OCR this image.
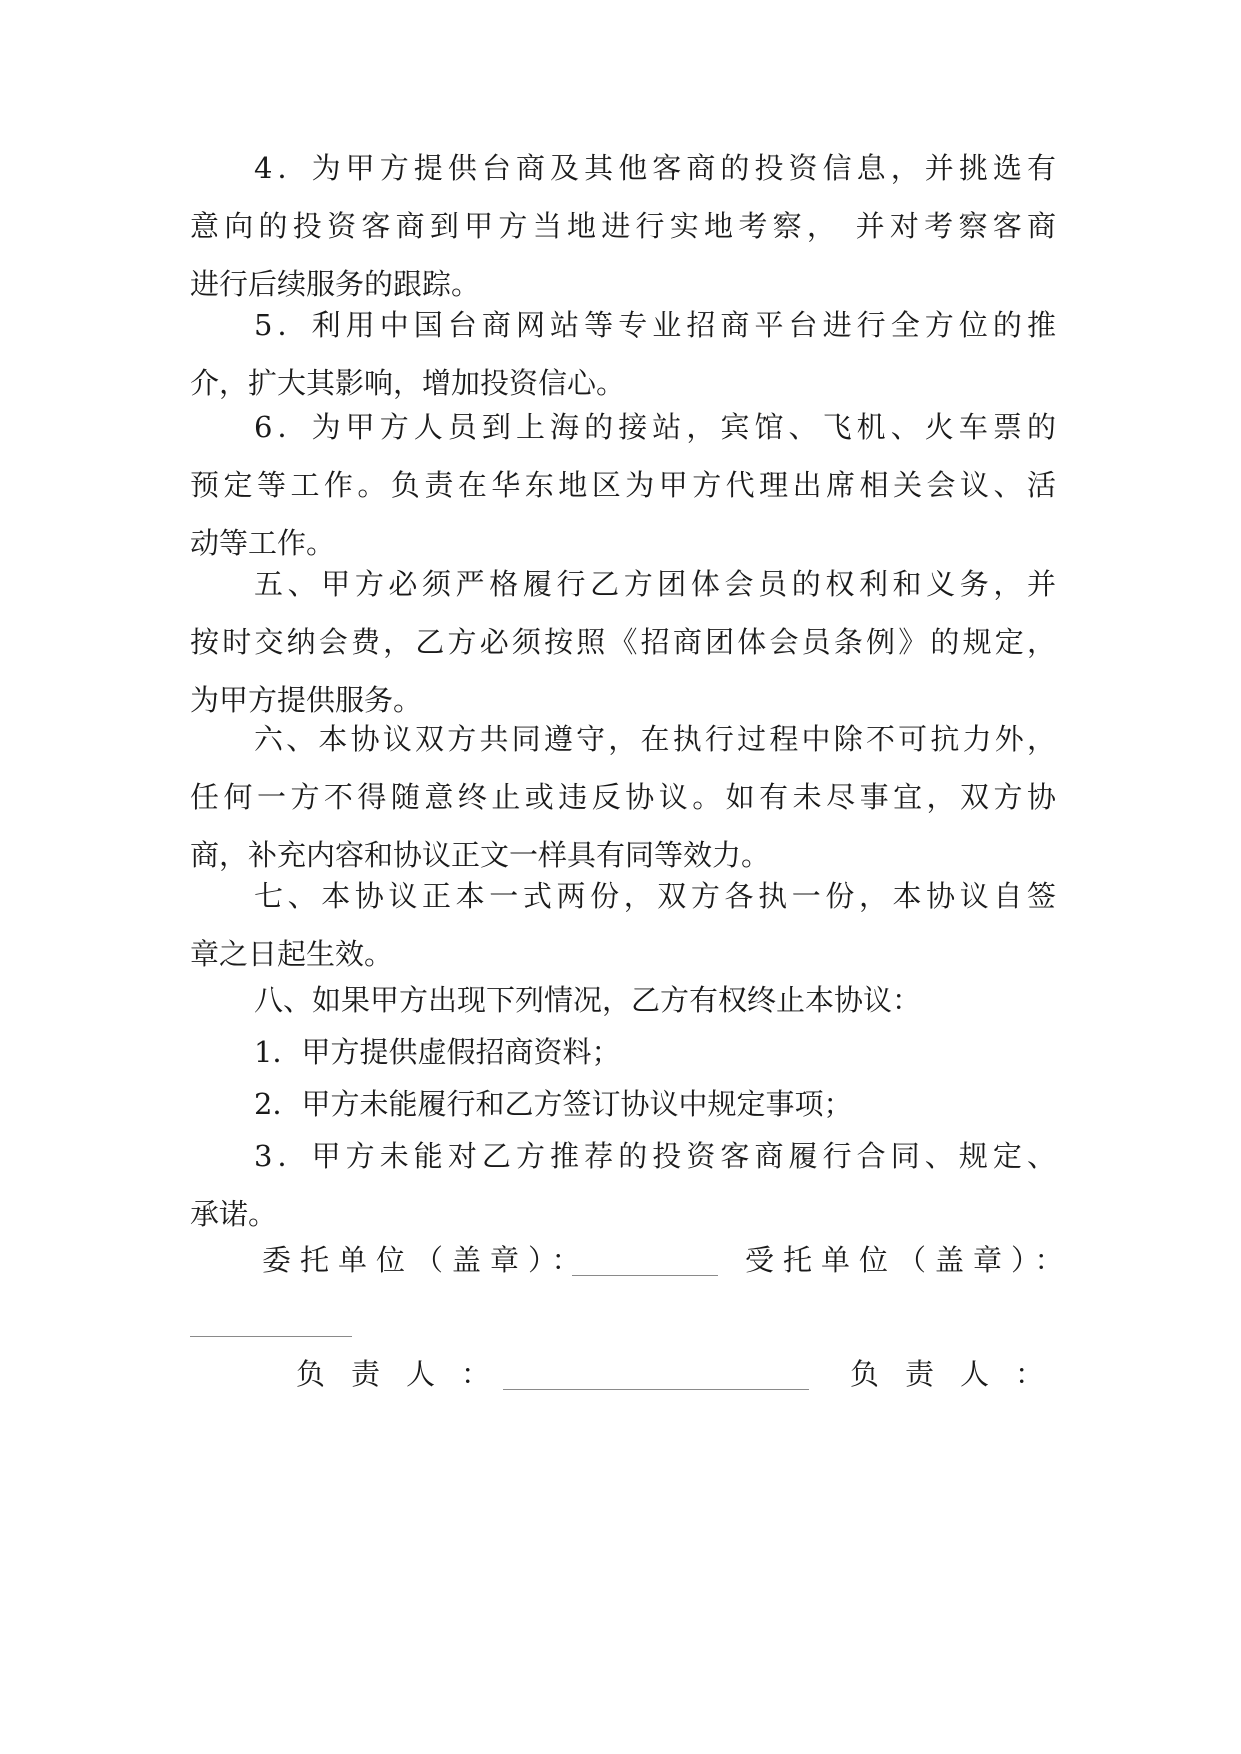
4．为甲方提供台商及其他客商的投资信息，并挑选有
意向的投资客商到甲方当地进行实地考察， 并对考察客商
进行后续服务的跟踪。
5．利用中国台商网站等专业招商平台进行全方位的推
介，扩大其影响，增加投资信心。
6．为甲方人员到上海的接站，宾馆、飞机、火车票的
预定等工作。负责在华东地区为甲方代理出席相关会议、活
动等工作。
五、甲方必须严格履行乙方团体会员的权利和义务，并
按时交纳会费，乙方必须按照《招商团体会员条例》的规定，
为甲方提供服务。
六、本协议双方共同遵守，在执行过程中除不可抗力外，
任何一方不得随意终止或违反协议。如有未尽事宜，双方协
商，补充内容和协议正文一样具有同等效力。
七、本协议正本一式两份，双方各执一份，本协议自签
章之日起生效。
八、如果甲方出现下列情况，乙方有权终止本协议：
1．甲方提供虚假招商资料；
2．甲方未能履行和乙方签订协议中规定事项；
3．甲方未能对乙方推荐的投资客商履行合同、规定、
承诺。
委托单位（盖章）：	受托单位（盖章）：
负责人：	负责人：
